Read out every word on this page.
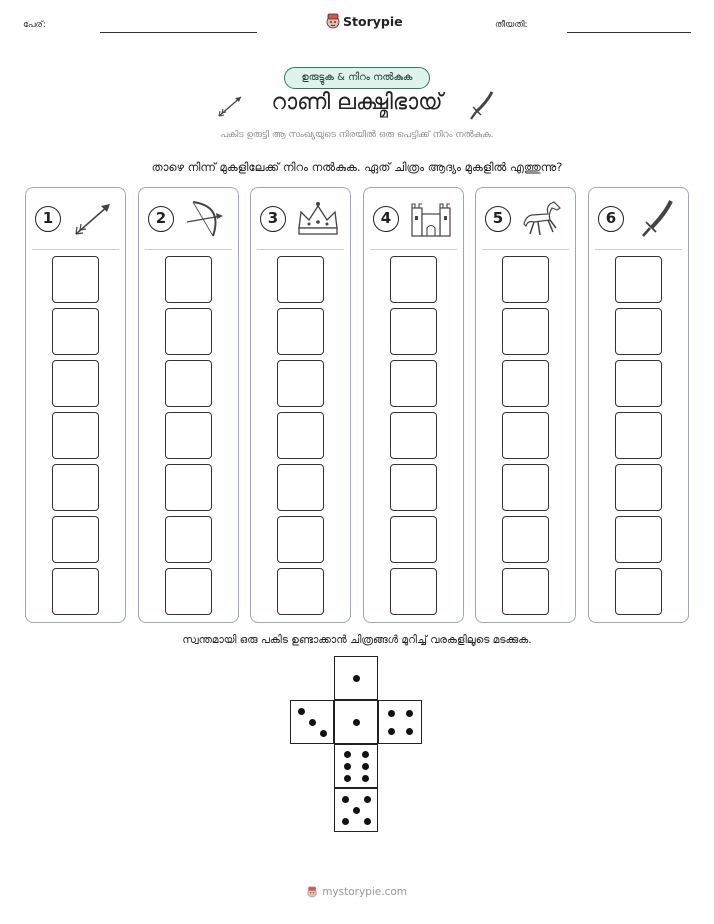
പേര്:	Storypie	തീയതി:
ഉരുട്ടുക & നിറം നൽകുക
റാണി ലക്ഷ്മിഭായ്
പകിട ഉരുട്ടി ആ സംഖ്യയുടെ നിരയിൽ ഒരു പെട്ടിക്ക് നിറം നൽകുക.
താഴെ നിന്ന് മുകളിലേക്ക് നിറം നൽകുക. ഏത് ചിത്രം ആദ്യം മുകളിൽ എത്തുന്നു?
1	2	3	4	5	6
സ്വന്തമായി ഒരു പകിട ഉണ്ടാക്കാൻ ചിത്രങ്ങൾ മുറിച്ച് വരകളിലൂടെ മടക്കുക.
mystorypie.com
